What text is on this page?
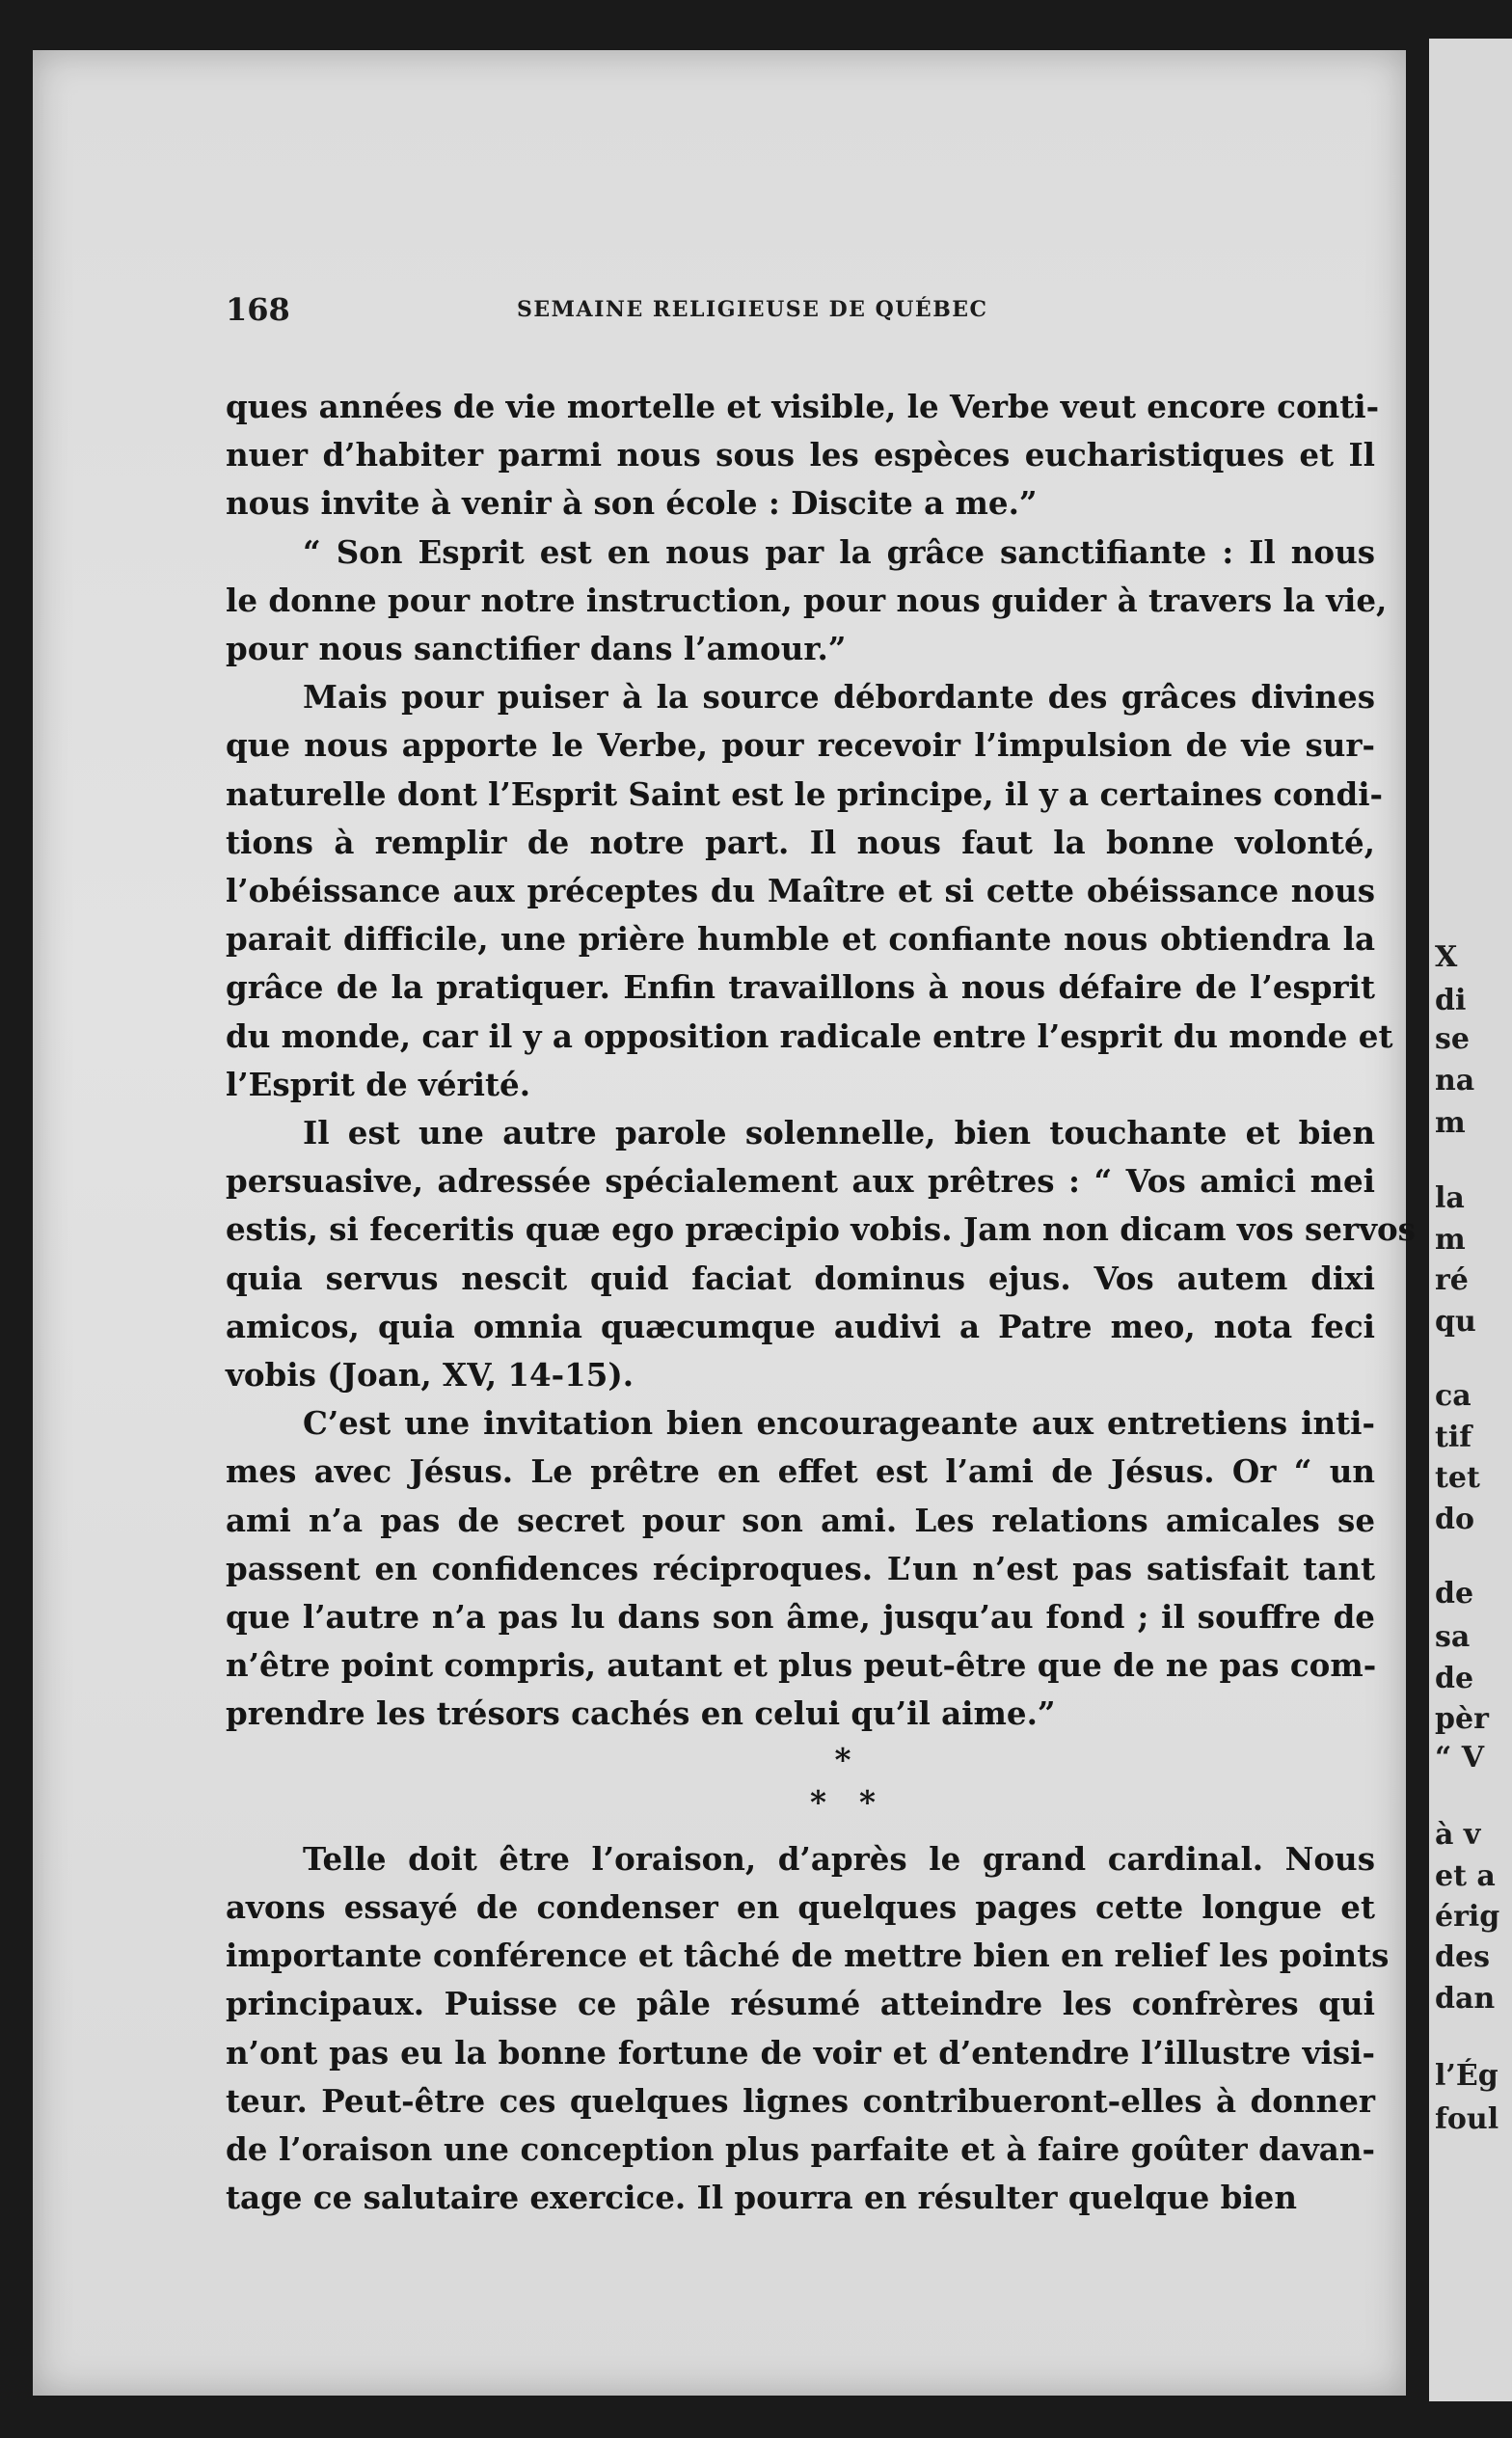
X
di
se
na
m
la
m
ré
qu
ca
tif
tet
do
de
sa
de
pèr
“ V
à v
et a
érig
des
dan
l’Ég
foul
168	SEMAINE RELIGIEUSE DE QUÉBEC
ques années de vie mortelle et visible, le Verbe veut encore conti-
nuer d’habiter parmi nous sous les espèces eucharistiques et Il
nous invite à venir à son école : Discite a me.”
“ Son Esprit est en nous par la grâce sanctifiante : Il nous
le donne pour notre instruction, pour nous guider à travers la vie,
pour nous sanctifier dans l’amour.”
Mais pour puiser à la source débordante des grâces divines
que nous apporte le Verbe, pour recevoir l’impulsion de vie sur-
naturelle dont l’Esprit Saint est le principe, il y a certaines condi-
tions à remplir de notre part. Il nous faut la bonne volonté,
l’obéissance aux préceptes du Maître et si cette obéissance nous
parait difficile, une prière humble et confiante nous obtiendra la
grâce de la pratiquer. Enfin travaillons à nous défaire de l’esprit
du monde, car il y a opposition radicale entre l’esprit du monde et
l’Esprit de vérité.
Il est une autre parole solennelle, bien touchante et bien
persuasive, adressée spécialement aux prêtres : “ Vos amici mei
estis, si feceritis quæ ego præcipio vobis. Jam non dicam vos servos
quia servus nescit quid faciat dominus ejus. Vos autem dixi
amicos, quia omnia quæcumque audivi a Patre meo, nota feci
vobis (Joan, XV, 14-15).
C’est une invitation bien encourageante aux entretiens inti-
mes avec Jésus. Le prêtre en effet est l’ami de Jésus. Or “ un
ami n’a pas de secret pour son ami. Les relations amicales se
passent en confidences réciproques. L’un n’est pas satisfait tant
que l’autre n’a pas lu dans son âme, jusqu’au fond ; il souffre de
n’être point compris, autant et plus peut-être que de ne pas com-
prendre les trésors cachés en celui qu’il aime.”
*
*   *
Telle doit être l’oraison, d’après le grand cardinal. Nous
avons essayé de condenser en quelques pages cette longue et
importante conférence et tâché de mettre bien en relief les points
principaux. Puisse ce pâle résumé atteindre les confrères qui
n’ont pas eu la bonne fortune de voir et d’entendre l’illustre visi-
teur. Peut-être ces quelques lignes contribueront-elles à donner
de l’oraison une conception plus parfaite et à faire goûter davan-
tage ce salutaire exercice. Il pourra en résulter quelque bien
